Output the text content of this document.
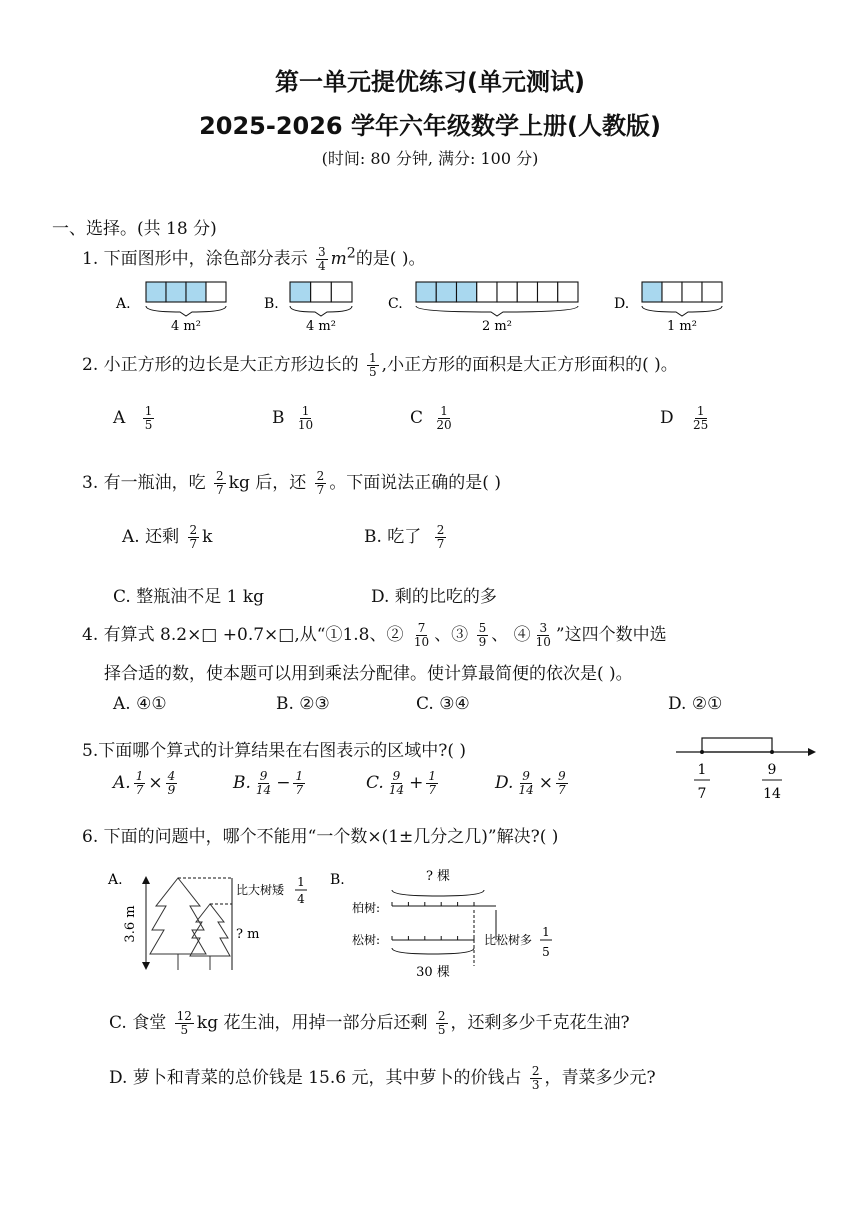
第一单元提优练习(单元测试)
2025-2026 学年六年级数学上册(人教版)
(时间: 80 分钟, 满分: 100 分)
一、选择。(共 18 分)
1. 下面图形中，涂色部分表示 $\frac{3}{4} m^2$的是( )。
A.
4 m²
B.
4 m²
C.
2 m²
D.
1 m²
2. 小正方形的边长是大正方形边长的 $\frac{1}{5}$ ,小正方形的面积是大正方形面积的( )。
A $\frac{1}{5}$	B $\frac{1}{10}$	C $\frac{1}{20}$	D $\frac{1}{25}$
3. 有一瓶油，吃 $\frac{2}{7}$ kg 后，还 $\frac{2}{7}$ 。下面说法正确的是( )
A. 还剩 $\frac{2}{7}$ k	B. 吃了 $\frac{2}{7}$
C. 整瓶油不足 1 kg	D. 剩的比吃的多
4. 有算式 8.2×□ +0.7×□,从“①1.8、② $\frac{7}{10}$ 、③ $\frac{5}{9}$ 、 ④ $\frac{3}{10}$ ”这四个数中选
择合适的数，使本题可以用到乘法分配律。使计算最简便的依次是( )。
A. ④①	B. ②③	C. ③④	D. ②①
5.下面哪个算式的计算结果在右图表示的区域中?( )
A. $\frac{1}{7} \times \frac{4}{9}$	B. $\frac{9}{14} - \frac{1}{7}$	C. $\frac{9}{14} + \frac{1}{7}$	D. $\frac{9}{14} \times \frac{9}{7}$	1
7
9
14
6. 下面的问题中，哪个不能用“一个数×(1±几分之几)”解决?( )
A.
3.6 m
比大树矮
1
4
? m
B.	? 棵
柏树:
松树:	比松树多
1
5
30 棵
C. 食堂 $\frac{12}{5}$ kg 花生油，用掉一部分后还剩 $\frac{2}{5}$ ，还剩多少千克花生油?
D. 萝卜和青菜的总价钱是 15.6 元，其中萝卜的价钱占 $\frac{2}{3}$ ，青菜多少元?
